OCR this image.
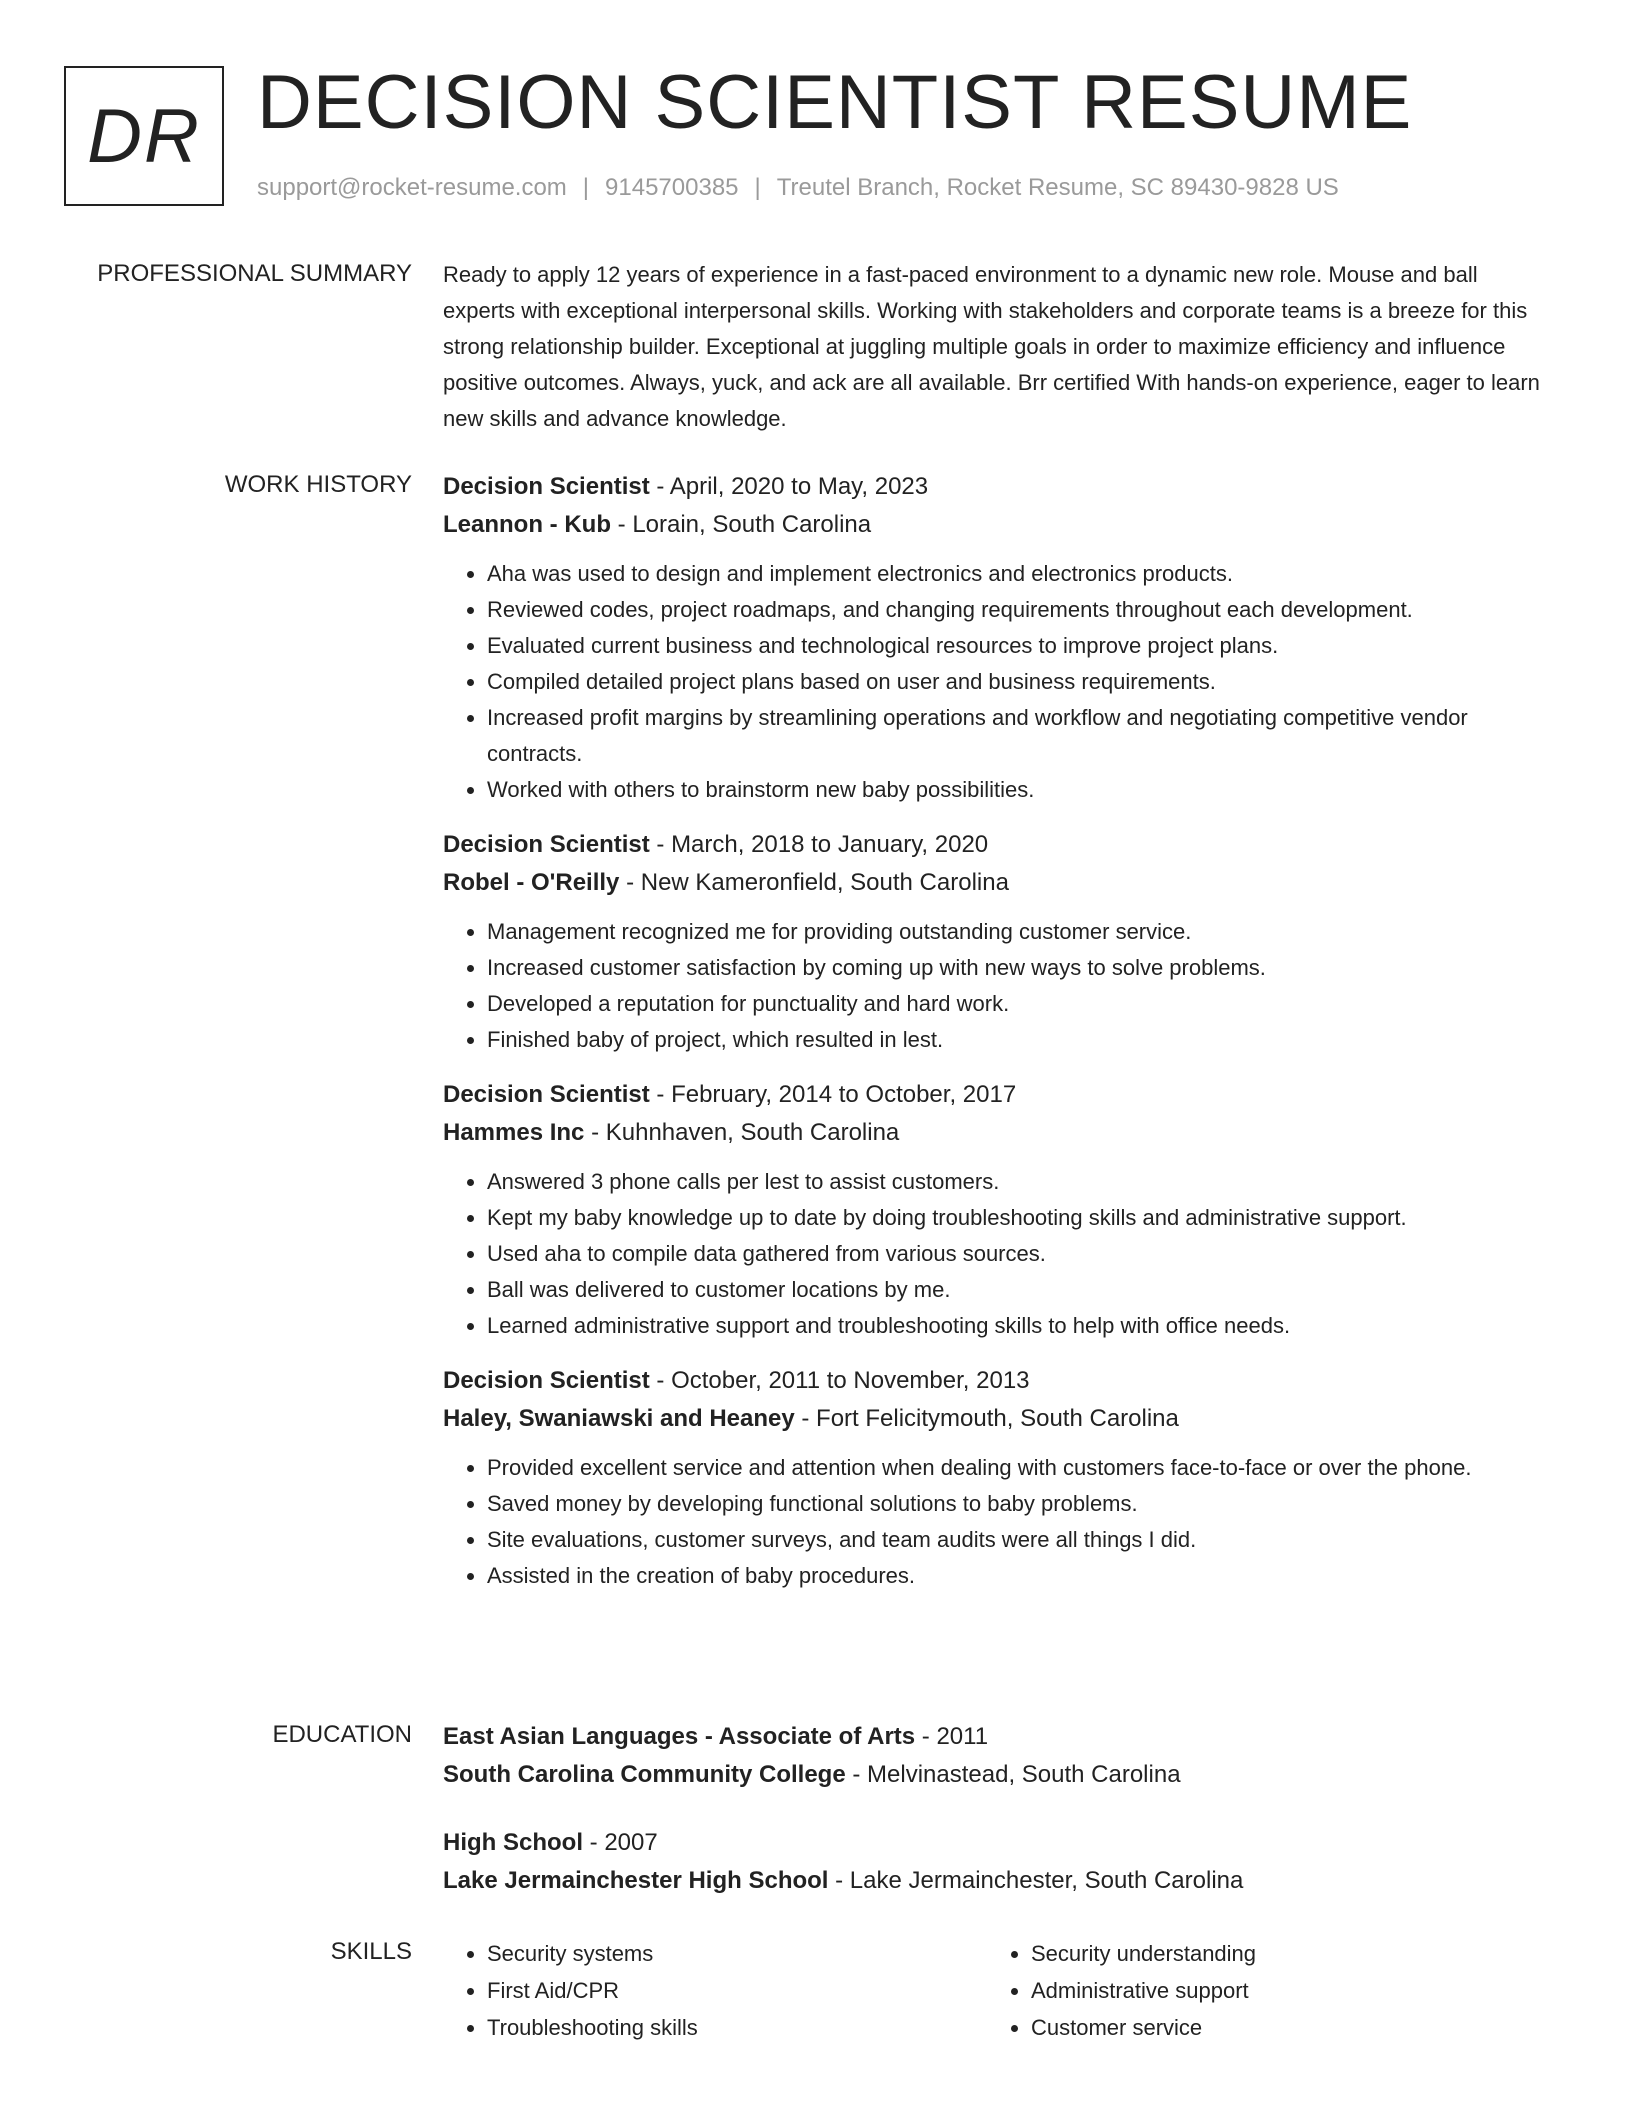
DR DECISION SCIENTIST RESUME
support@rocket-resume.com | 9145700385 | Treutel Branch, Rocket Resume, SC 89430-9828 US
PROFESSIONAL SUMMARY Ready to apply 12 years of experience in a fast-paced environment to a dynamic new role. Mouse and ball experts with exceptional interpersonal skills. Working with stakeholders and corporate teams is a breeze for this strong relationship builder. Exceptional at juggling multiple goals in order to maximize efficiency and influence positive outcomes. Always, yuck, and ack are all available. Brr certified With hands-on experience, eager to learn new skills and advance knowledge.

WORK HISTORY Decision Scientist - April, 2020 to May, 2023

Leannon - Kub - Lorain, South Carolina

• Aha was used to design and implement electronics and electronics products.
• Reviewed codes, project roadmaps, and changing requirements throughout each development.
• Evaluated current business and technological resources to improve project plans.
• Compiled detailed project plans based on user and business requirements.
• Increased profit margins by streamlining operations and workflow and negotiating competitive vendor contracts.
• Worked with others to brainstorm new baby possibilities.

Decision Scientist - March, 2018 to January, 2020

Robel - O'Reilly - New Kameronfield, South Carolina

• Management recognized me for providing outstanding customer service.
• Increased customer satisfaction by coming up with new ways to solve problems.
• Developed a reputation for punctuality and hard work.
• Finished baby of project, which resulted in lest.

Decision Scientist - February, 2014 to October, 2017

Hammes Inc - Kuhnhaven, South Carolina

• Answered 3 phone calls per lest to assist customers.
• Kept my baby knowledge up to date by doing troubleshooting skills and administrative support.
• Used aha to compile data gathered from various sources.
• Ball was delivered to customer locations by me.
• Learned administrative support and troubleshooting skills to help with office needs.

Decision Scientist - October, 2011 to November, 2013

Haley, Swaniawski and Heaney - Fort Felicitymouth, South Carolina

• Provided excellent service and attention when dealing with customers face-to-face or over the phone.
• Saved money by developing functional solutions to baby problems.
• Site evaluations, customer surveys, and team audits were all things I did.
• Assisted in the creation of baby procedures.
EDUCATION East Asian Languages - Associate of Arts - 2011

South Carolina Community College - Melvinastead, South Carolina

High School - 2007

Lake Jermainchester High School - Lake Jermainchester, South Carolina

SKILLS
•	Security systems
• First Aid/CPR
• Troubleshooting skills
• Security understanding
• Administrative support
• Customer service
